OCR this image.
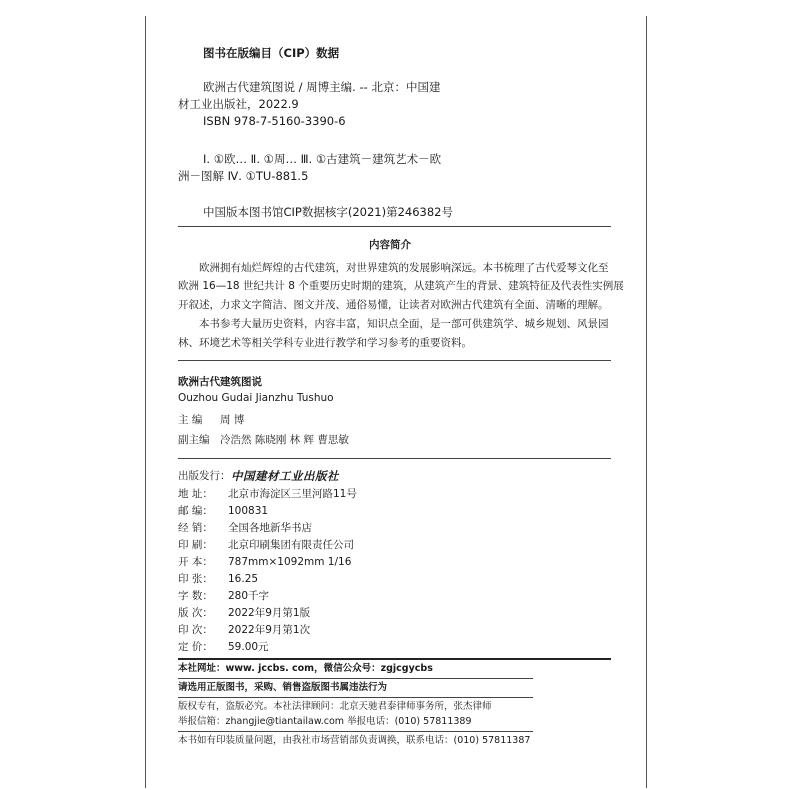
图书在版编目（CIP）数据
欧洲古代建筑图说 / 周博主编. -- 北京：中国建
材工业出版社，2022.9
ISBN 978-7-5160-3390-6
Ⅰ. ①欧… Ⅱ. ①周… Ⅲ. ①古建筑－建筑艺术－欧
洲－图解 Ⅳ. ①TU-881.5
中国版本图书馆CIP数据核字(2021)第246382号
内容简介
欧洲拥有灿烂辉煌的古代建筑，对世界建筑的发展影响深远。本书梳理了古代爱琴文化至
欧洲 16—18 世纪共计 8 个重要历史时期的建筑，从建筑产生的背景、建筑特征及代表性实例展
开叙述，力求文字简洁、图文并茂、通俗易懂，让读者对欧洲古代建筑有全面、清晰的理解。
本书参考大量历史资料，内容丰富，知识点全面，是一部可供建筑学、城乡规划、风景园
林、环境艺术等相关学科专业进行教学和学习参考的重要资料。
欧洲古代建筑图说
Ouzhou Gudai Jianzhu Tushuo
主 编 周 博
副主编 冷浩然 陈晓刚 林 辉 曹思敏
出版发行： 中国建材工业出版社
地 址： 北京市海淀区三里河路11号
邮 编： 100831
经 销： 全国各地新华书店
印 刷： 北京印刷集团有限责任公司
开 本： 787mm×1092mm 1/16
印 张： 16.25
字 数： 280千字
版 次： 2022年9月第1版
印 次： 2022年9月第1次
定 价： 59.00元
本社网址：www. jccbs. com，微信公众号：zgjcgycbs
请选用正版图书，采购、销售盗版图书属违法行为
版权专有，盗版必究。本社法律顾问：北京天驰君泰律师事务所，张杰律师
举报信箱：zhangjie@tiantailaw.com 举报电话：(010) 57811389
本书如有印装质量问题，由我社市场营销部负责调换，联系电话：(010) 57811387
